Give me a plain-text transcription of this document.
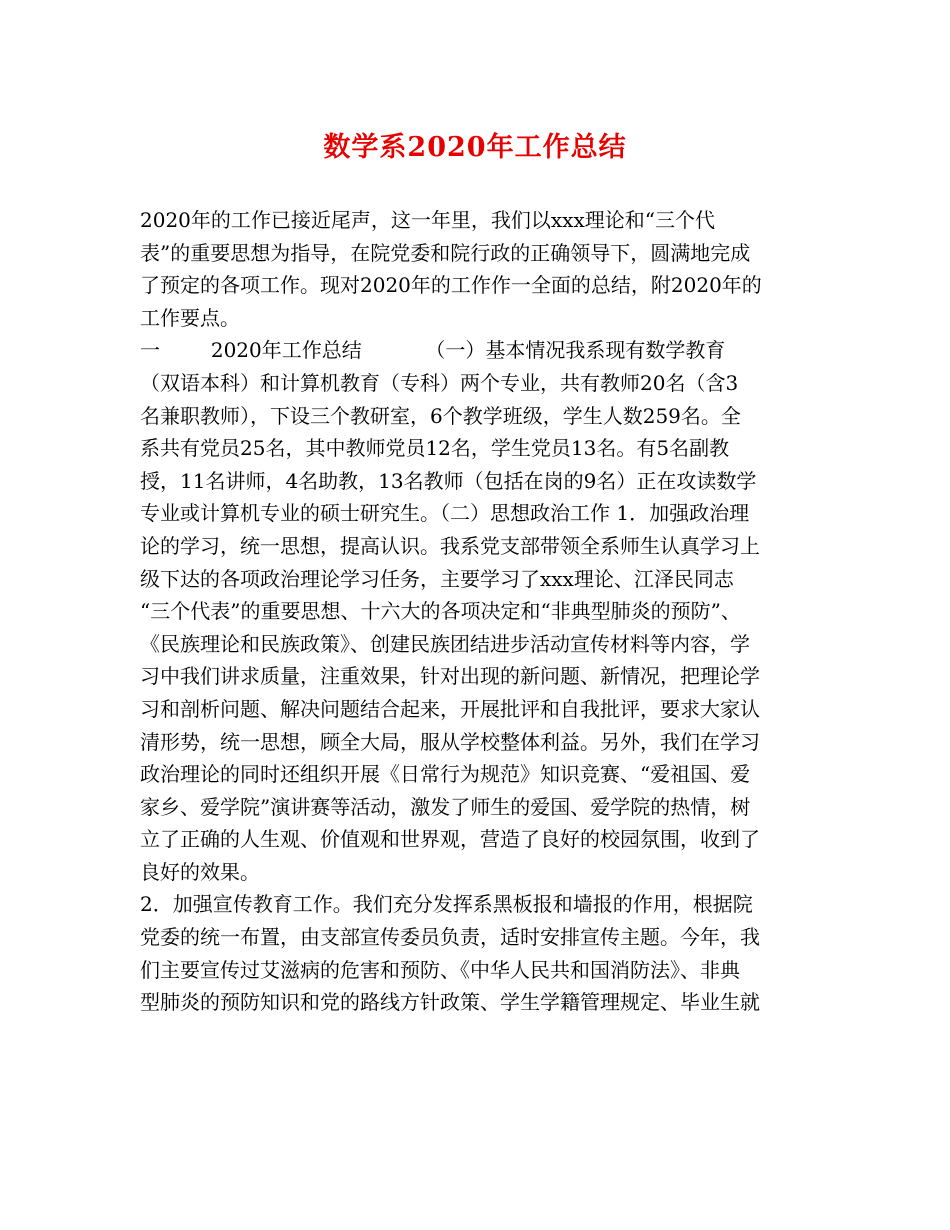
数学系2020年工作总结
2020年的工作已接近尾声，这一年里，我们以xxx理论和“三个代
表”的重要思想为指导，在院党委和院行政的正确领导下，圆满地完成
了预定的各项工作。现对2020年的工作作一全面的总结，附2020年的
工作要点。
一        2020年工作总结          （一）基本情况我系现有数学教育
（双语本科）和计算机教育（专科）两个专业，共有教师20名（含3
名兼职教师），下设三个教研室，6个教学班级，学生人数259名。全
系共有党员25名，其中教师党员12名，学生党员13名。有5名副教
授，11名讲师，4名助教，13名教师（包括在岗的9名）正在攻读数学
专业或计算机专业的硕士研究生。（二）思想政治工作 1．加强政治理
论的学习，统一思想，提高认识。我系党支部带领全系师生认真学习上
级下达的各项政治理论学习任务，主要学习了xxx理论、江泽民同志
“三个代表”的重要思想、十六大的各项决定和“非典型肺炎的预防”、
《民族理论和民族政策》、创建民族团结进步活动宣传材料等内容，学
习中我们讲求质量，注重效果，针对出现的新问题、新情况，把理论学
习和剖析问题、解决问题结合起来，开展批评和自我批评，要求大家认
清形势，统一思想，顾全大局，服从学校整体利益。另外，我们在学习
政治理论的同时还组织开展《日常行为规范》知识竞赛、“爱祖国、爱
家乡、爱学院”演讲赛等活动，激发了师生的爱国、爱学院的热情，树
立了正确的人生观、价值观和世界观，营造了良好的校园氛围，收到了
良好的效果。
2．加强宣传教育工作。我们充分发挥系黑板报和墙报的作用，根据院
党委的统一布置，由支部宣传委员负责，适时安排宣传主题。今年，我
们主要宣传过艾滋病的危害和预防、《中华人民共和国消防法》、非典
型肺炎的预防知识和党的路线方针政策、学生学籍管理规定、毕业生就
